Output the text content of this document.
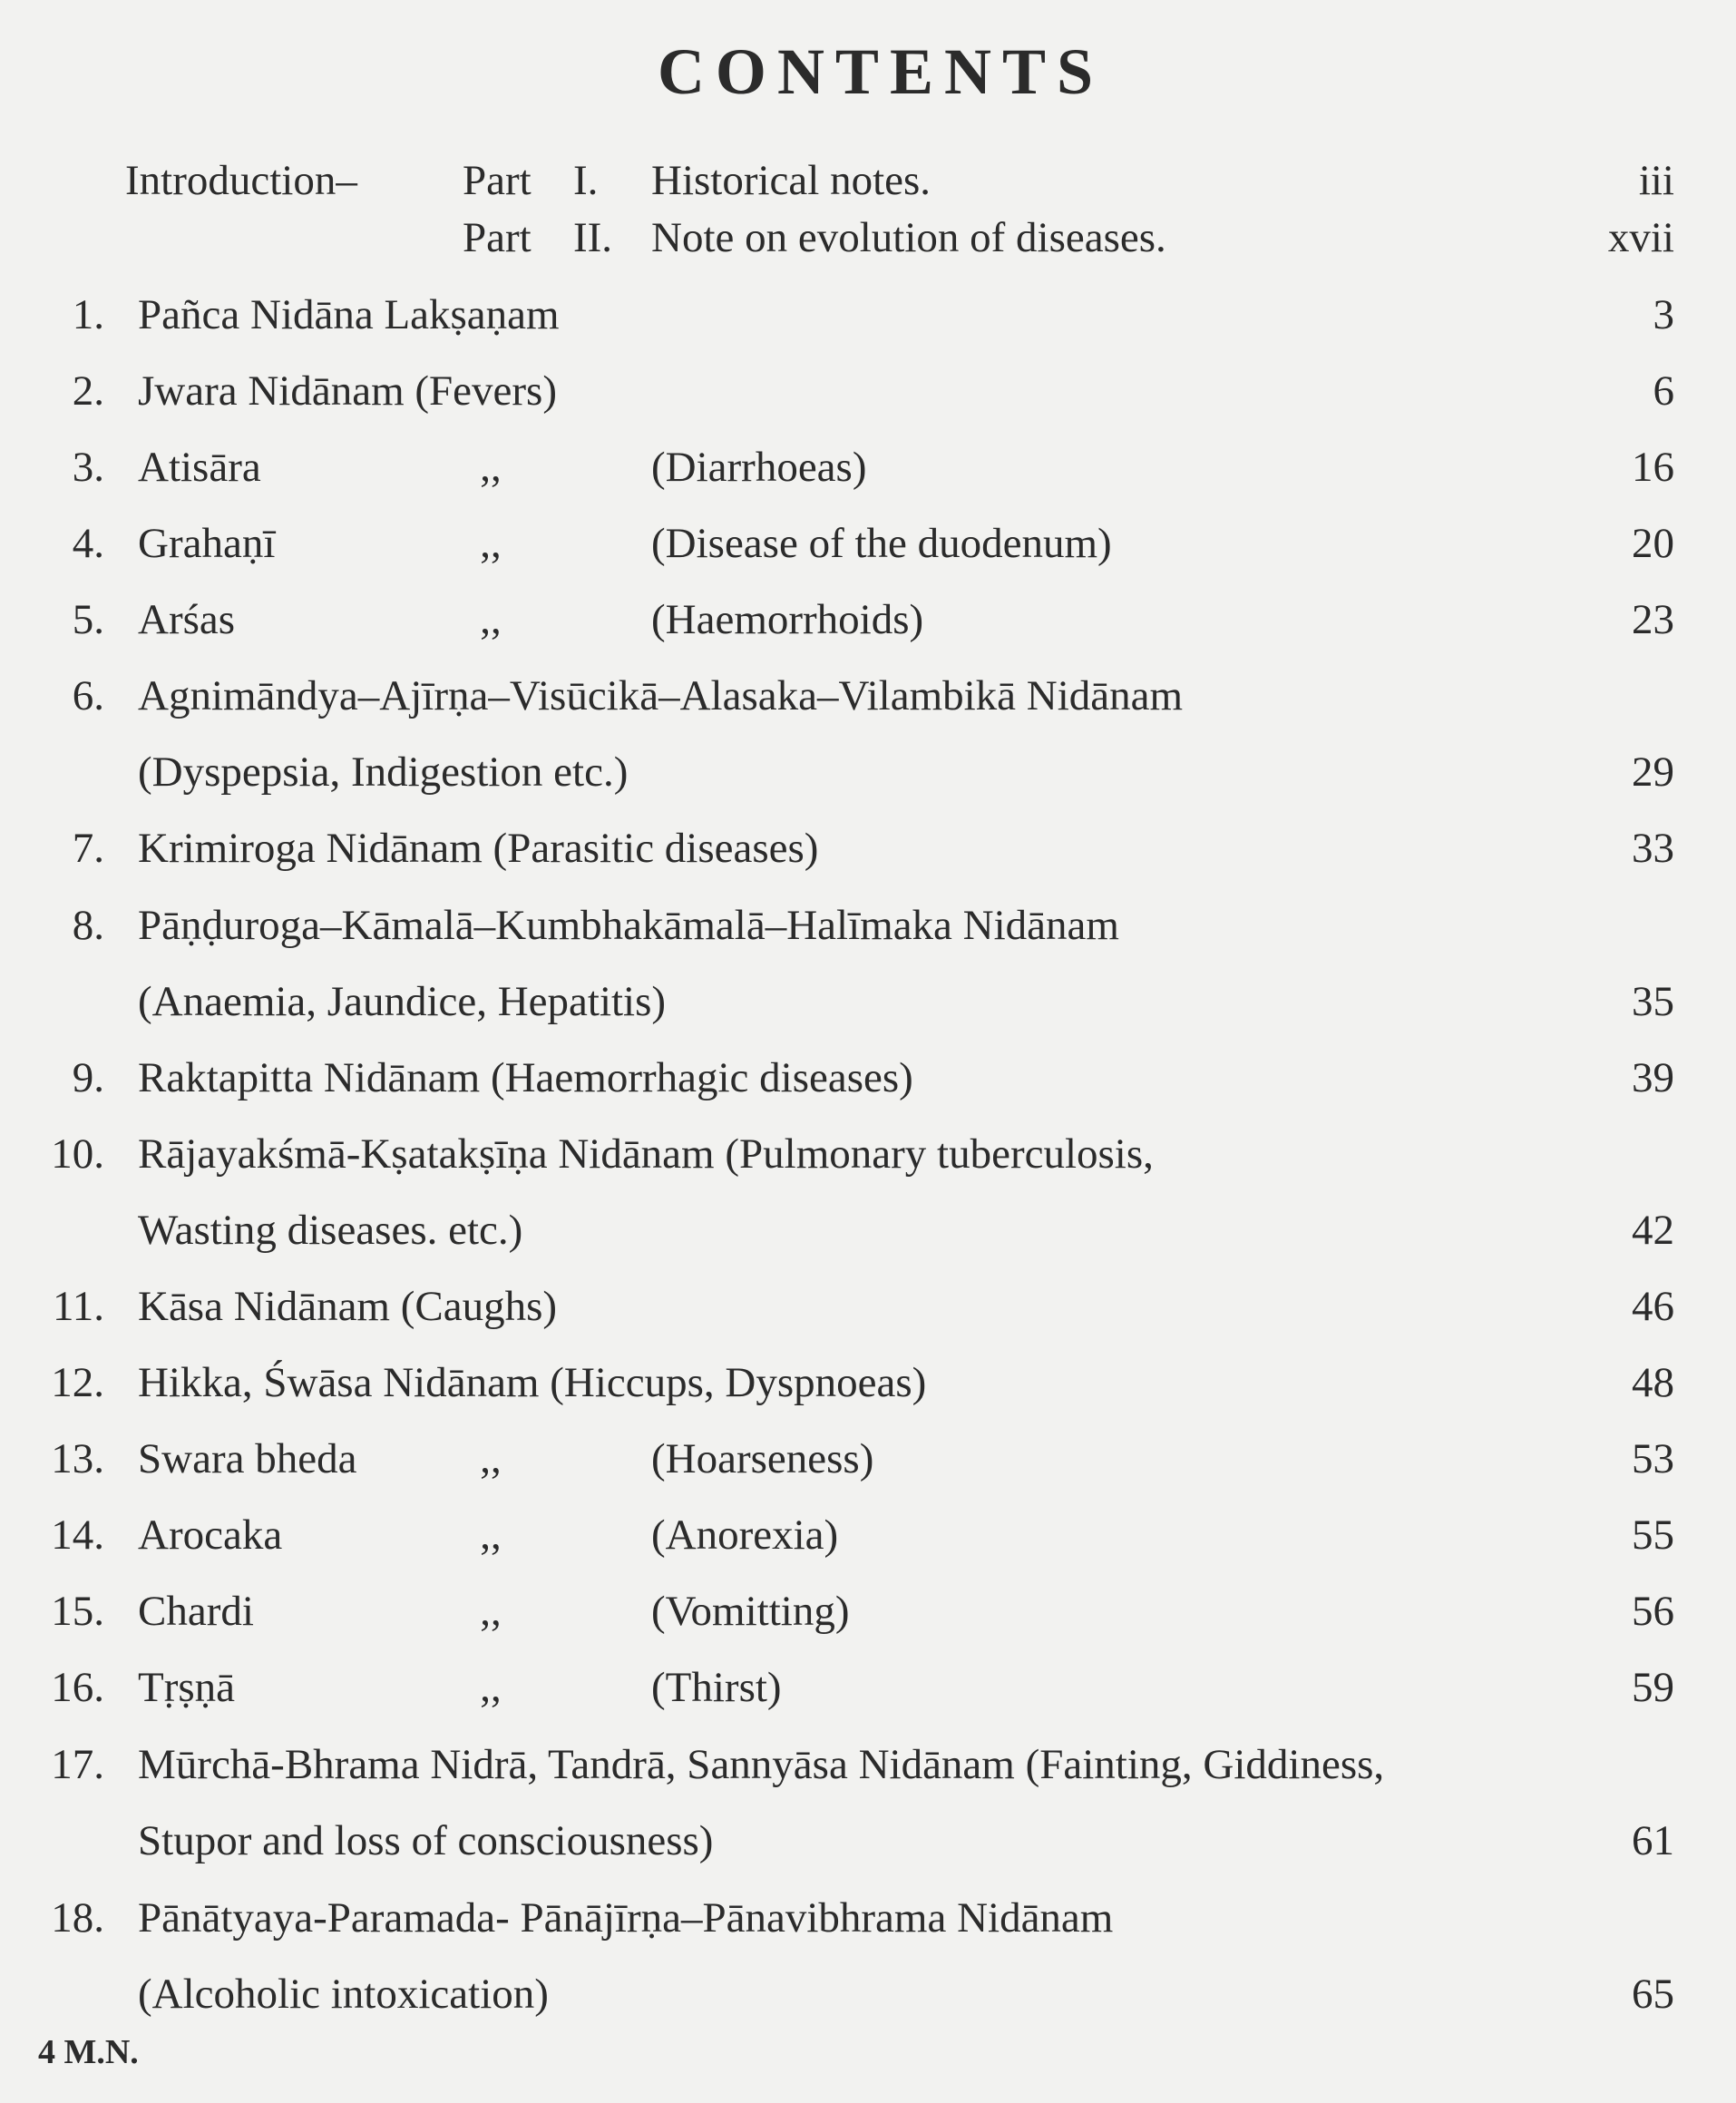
CONTENTS
Introduction– Part I. Historical notes.	iii
Part II. Note on evolution of diseases.	xvii
1. Pañca Nidāna Lakṣaṇam	3
2. Jwara Nidānam (Fevers)	6
3. Atisāra	,,	(Diarrhoeas)	16
4. Grahaṇī	,,	(Disease of the duodenum)	20
5. Arśas	,,	(Haemorrhoids)	23
6. Agnimāndya–Ajīrṇa–Visūcikā–Alasaka–Vilambikā Nidānam
(Dyspepsia, Indigestion etc.)	29
7. Krimiroga Nidānam (Parasitic diseases)	33
8. Pāṇḍuroga–Kāmalā–Kumbhakāmalā–Halīmaka Nidānam
(Anaemia, Jaundice, Hepatitis)	35
9. Raktapitta Nidānam (Haemorrhagic diseases)	39
10. Rājayakśmā-Kṣatakṣīṇa Nidānam (Pulmonary tuberculosis,
Wasting diseases. etc.)	42
11. Kāsa Nidānam (Caughs)	46
12. Hikka, Śwāsa Nidānam (Hiccups, Dyspnoeas)	48
13. Swara bheda	,,	(Hoarseness)	53
14. Arocaka	,,	(Anorexia)	55
15. Chardi	,,	(Vomitting)	56
16. Tṛṣṇā	,,	(Thirst)	59
17. Mūrchā-Bhrama Nidrā, Tandrā, Sannyāsa Nidānam (Fainting, Giddiness,
Stupor and loss of consciousness)	61
18. Pānātyaya-Paramada- Pānājīrṇa–Pānavibhrama Nidānam
(Alcoholic intoxication)	65
4 M.N.
